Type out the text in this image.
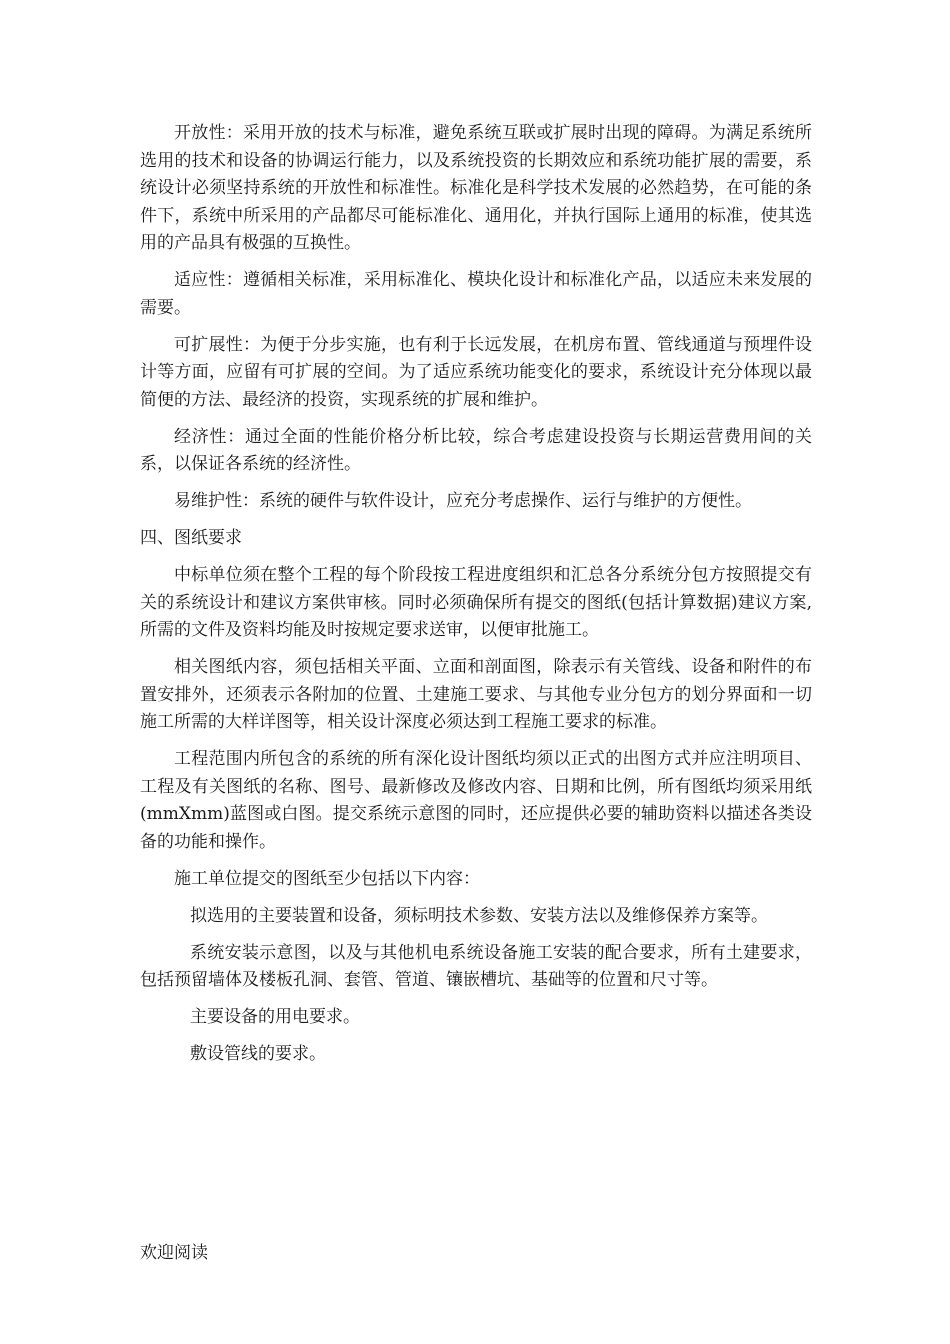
开放性：采用开放的技术与标准，避免系统互联或扩展时出现的障碍。为满足系统所选用的技术和设备的协调运行能力，以及系统投资的长期效应和系统功能扩展的需要，系统设计必须坚持系统的开放性和标准性。标准化是科学技术发展的必然趋势，在可能的条件下，系统中所采用的产品都尽可能标准化、通用化，并执行国际上通用的标准，使其选用的产品具有极强的互换性。

适应性：遵循相关标准，采用标准化、模块化设计和标准化产品，以适应未来发展的需要。

可扩展性：为便于分步实施，也有利于长远发展，在机房布置、管线通道与预埋件设计等方面，应留有可扩展的空间。为了适应系统功能变化的要求，系统设计充分体现以最简便的方法、最经济的投资，实现系统的扩展和维护。

经济性：通过全面的性能价格分析比较，综合考虑建设投资与长期运营费用间的关系，以保证各系统的经济性。

易维护性：系统的硬件与软件设计，应充分考虑操作、运行与维护的方便性。

四、图纸要求

中标单位须在整个工程的每个阶段按工程进度组织和汇总各分系统分包方按照提交有关的系统设计和建议方案供审核。同时必须确保所有提交的图纸(包括计算数据)建议方案,所需的文件及资料均能及时按规定要求送审，以便审批施工。

相关图纸内容，须包括相关平面、立面和剖面图，除表示有关管线、设备和附件的布置安排外，还须表示各附加的位置、土建施工要求、与其他专业分包方的划分界面和一切施工所需的大样详图等，相关设计深度必须达到工程施工要求的标准。

工程范围内所包含的系统的所有深化设计图纸均须以正式的出图方式并应注明项目、工程及有关图纸的名称、图号、最新修改及修改内容、日期和比例，所有图纸均须采用纸(mmXmm)蓝图或白图。提交系统示意图的同时，还应提供必要的辅助资料以描述各类设备的功能和操作。

施工单位提交的图纸至少包括以下内容：

拟选用的主要装置和设备，须标明技术参数、安装方法以及维修保养方案等。

系统安装示意图，以及与其他机电系统设备施工安装的配合要求，所有土建要求，包括预留墙体及楼板孔洞、套管、管道、镶嵌槽坑、基础等的位置和尺寸等。

主要设备的用电要求。

敷设管线的要求。

欢迎阅读
